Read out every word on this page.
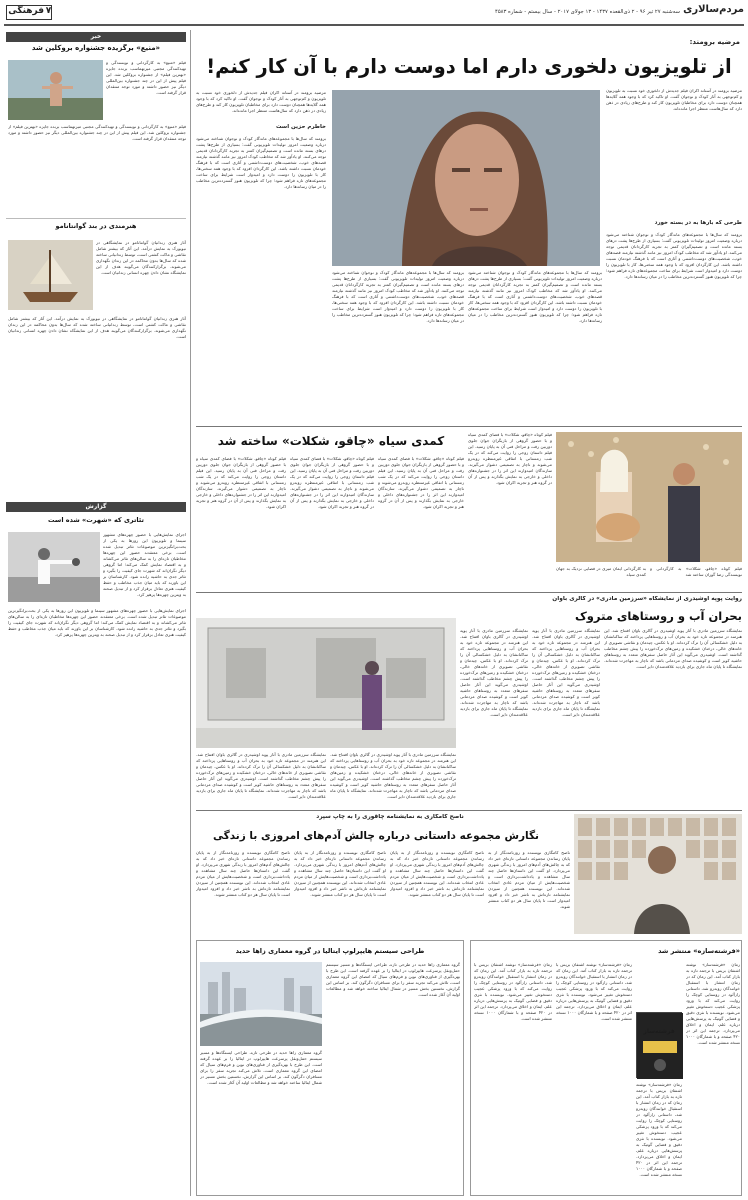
فرهنگی ۷	سه‌شنبه ۲۷ تیر ۹۶ - ۲ ذی‌القعده ۱۴۳۷ - ۱۳ جولای ۲۰۱۷ - سال بیستم - شماره ۴۵۸۳ مردم‌سالاری
خبر
«منیع» برگزیده جشنواره بروکلین شد
فیلم «منیع» به کارگردانی و نویسندگی و تهیه‌کنندگی مجتبی میرتهماسب برنده جایزه «بهترین فیلم» از جشنواره بروکلین شد. این فیلم پیش از این در چند جشنواره بین‌المللی دیگر نیز حضور داشته و مورد توجه منتقدان قرار گرفته است.
فیلم «منیع» به کارگردانی و نویسندگی و تهیه‌کنندگی مجتبی میرتهماسب برنده جایزه «بهترین فیلم» از جشنواره بروکلین شد. این فیلم پیش از این در چند جشنواره بین‌المللی دیگر نیز حضور داشته و مورد توجه منتقدان قرار گرفته است.
هنرمندی در بند گوانتانامو
آثار هنری زندانیان گوانتانامو در نمایشگاهی در نیویورک به نمایش درآمد. این آثار که بیشتر شامل نقاشی و ماکت کشتی است، توسط زندانیانی ساخته شده که سال‌ها بدون محاکمه در این زندان نگهداری می‌شوند. برگزارکنندگان می‌گویند هدف از این نمایشگاه نشان دادن چهره انسانی زندانیان است.
آثار هنری زندانیان گوانتانامو در نمایشگاهی در نیویورک به نمایش درآمد. این آثار که بیشتر شامل نقاشی و ماکت کشتی است، توسط زندانیانی ساخته شده که سال‌ها بدون محاکمه در این زندان نگهداری می‌شوند. برگزارکنندگان می‌گویند هدف از این نمایشگاه نشان دادن چهره انسانی زندانیان است.
گزارش
تئاتری که «شهرت» شده است
اجرای نمایش‌هایی با حضور چهره‌های مشهور سینما و تلویزیون این روزها به یکی از بحث‌برانگیزترین موضوعات تئاتر تبدیل شده است. برخی معتقدند حضور این چهره‌ها مخاطبان تازه‌ای را به سالن‌های تئاتر می‌کشاند و به اقتصاد نمایش کمک می‌کند؛ اما گروهی دیگر نگران‌اند که شهرت جای کیفیت را بگیرد و تئاتر جدی به حاشیه رانده شود. کارشناسان بر این باورند که باید میان جذب مخاطب و حفظ کیفیت هنری تعادل برقرار کرد و از تبدیل صحنه به ویترین چهره‌ها پرهیز کرد.
اجرای نمایش‌هایی با حضور چهره‌های مشهور سینما و تلویزیون این روزها به یکی از بحث‌برانگیزترین موضوعات تئاتر تبدیل شده است. برخی معتقدند حضور این چهره‌ها مخاطبان تازه‌ای را به سالن‌های تئاتر می‌کشاند و به اقتصاد نمایش کمک می‌کند؛ اما گروهی دیگر نگران‌اند که شهرت جای کیفیت را بگیرد و تئاتر جدی به حاشیه رانده شود. کارشناسان بر این باورند که باید میان جذب مخاطب و حفظ کیفیت هنری تعادل برقرار کرد و از تبدیل صحنه به ویترین چهره‌ها پرهیز کرد.
مرضیه برومند:
از تلویزیون دلخوری دارم اما دوست دارم با آن کار کنم!
مرضیه برومند در آستانه اکران فیلم جدیدش از دلخوری خود نسبت به تلویزیون و کم‌توجهی به آثار کودک و نوجوان گفت. او تاکید کرد که با وجود همه گلایه‌ها همچنان دوست دارد برای مخاطبان تلویزیون کار کند و طرح‌های زیادی در ذهن دارد که سال‌هاست منتظر اجرا مانده‌اند.
طرحی که بارها به در بسته خورد
برومند که سال‌ها با مجموعه‌های ماندگار کودک و نوجوان شناخته می‌شود درباره وضعیت امروز تولیدات تلویزیونی گفت: بسیاری از طرح‌ها پشت درهای بسته مانده است و تصمیم‌گیران کمتر به تجربه کارگردانان قدیمی توجه می‌کنند. او یادآور شد که مخاطب کودک امروز نیز مانند گذشته نیازمند قصه‌های خوب، شخصیت‌های دوست‌داشتنی و آثاری است که با فرهنگ خودمان نسبت داشته باشد. این کارگردان افزود که با وجود همه سختی‌ها، کار با تلویزیون را دوست دارد و امیدوار است شرایط برای ساخت مجموعه‌های تازه فراهم شود؛ چرا که تلویزیون هنوز گسترده‌ترین مخاطب را در میان رسانه‌ها دارد.
خاطرم حزین است
مرضیه برومند در آستانه اکران فیلم جدیدش از دلخوری خود نسبت به تلویزیون و کم‌توجهی به آثار کودک و نوجوان گفت. او تاکید کرد که با وجود همه گلایه‌ها همچنان دوست دارد برای مخاطبان تلویزیون کار کند و طرح‌های زیادی در ذهن دارد که سال‌هاست منتظر اجرا مانده‌اند.
برومند که سال‌ها با مجموعه‌های ماندگار کودک و نوجوان شناخته می‌شود درباره وضعیت امروز تولیدات تلویزیونی گفت: بسیاری از طرح‌ها پشت درهای بسته مانده است و تصمیم‌گیران کمتر به تجربه کارگردانان قدیمی توجه می‌کنند. او یادآور شد که مخاطب کودک امروز نیز مانند گذشته نیازمند قصه‌های خوب، شخصیت‌های دوست‌داشتنی و آثاری است که با فرهنگ خودمان نسبت داشته باشد. این کارگردان افزود که با وجود همه سختی‌ها، کار با تلویزیون را دوست دارد و امیدوار است شرایط برای ساخت مجموعه‌های تازه فراهم شود؛ چرا که تلویزیون هنوز گسترده‌ترین مخاطب را در میان رسانه‌ها دارد.
برومند که سال‌ها با مجموعه‌های ماندگار کودک و نوجوان شناخته می‌شود درباره وضعیت امروز تولیدات تلویزیونی گفت: بسیاری از طرح‌ها پشت درهای بسته مانده است و تصمیم‌گیران کمتر به تجربه کارگردانان قدیمی توجه می‌کنند. او یادآور شد که مخاطب کودک امروز نیز مانند گذشته نیازمند قصه‌های خوب، شخصیت‌های دوست‌داشتنی و آثاری است که با فرهنگ خودمان نسبت داشته باشد. این کارگردان افزود که با وجود همه سختی‌ها، کار با تلویزیون را دوست دارد و امیدوار است شرایط برای ساخت مجموعه‌های تازه فراهم شود؛ چرا که تلویزیون هنوز گسترده‌ترین مخاطب را در میان رسانه‌ها دارد.
برومند که سال‌ها با مجموعه‌های ماندگار کودک و نوجوان شناخته می‌شود درباره وضعیت امروز تولیدات تلویزیونی گفت: بسیاری از طرح‌ها پشت درهای بسته مانده است و تصمیم‌گیران کمتر به تجربه کارگردانان قدیمی توجه می‌کنند. او یادآور شد که مخاطب کودک امروز نیز مانند گذشته نیازمند قصه‌های خوب، شخصیت‌های دوست‌داشتنی و آثاری است که با فرهنگ خودمان نسبت داشته باشد. این کارگردان افزود که با وجود همه سختی‌ها، کار با تلویزیون را دوست دارد و امیدوار است شرایط برای ساخت مجموعه‌های تازه فراهم شود؛ چرا که تلویزیون هنوز گسترده‌ترین مخاطب را در میان رسانه‌ها دارد.
کمدی سیاه «چاقو، شکلات» ساخته شد
فیلم کوتاه «چاقو، شکلات» به کارگردانی و نویسندگی رضا گوران ساخته شد
به کارگردانی ایمان میری در فضایی نزدیک به جهان کمدی سیاه
فیلم کوتاه «چاقو، شکلات» با فضای کمدی سیاه و با حضور گروهی از بازیگران جوان جلوی دوربین رفت و مراحل فنی آن به پایان رسید. این فیلم داستان زوجی را روایت می‌کند که در یک شب زمستانی با اتفاقی غیرمنتظره روبه‌رو می‌شوند و ناچار به تصمیمی دشوار می‌گیرند. سازندگان امیدوارند این اثر را در جشنواره‌های داخلی و خارجی به نمایش بگذارند و پس از آن در گروه هنر و تجربه اکران شود.
فیلم کوتاه «چاقو، شکلات» با فضای کمدی سیاه و با حضور گروهی از بازیگران جوان جلوی دوربین رفت و مراحل فنی آن به پایان رسید. این فیلم داستان زوجی را روایت می‌کند که در یک شب زمستانی با اتفاقی غیرمنتظره روبه‌رو می‌شوند و ناچار به تصمیمی دشوار می‌گیرند. سازندگان امیدوارند این اثر را در جشنواره‌های داخلی و خارجی به نمایش بگذارند و پس از آن در گروه هنر و تجربه اکران شود.
فیلم کوتاه «چاقو، شکلات» با فضای کمدی سیاه و با حضور گروهی از بازیگران جوان جلوی دوربین رفت و مراحل فنی آن به پایان رسید. این فیلم داستان زوجی را روایت می‌کند که در یک شب زمستانی با اتفاقی غیرمنتظره روبه‌رو می‌شوند و ناچار به تصمیمی دشوار می‌گیرند. سازندگان امیدوارند این اثر را در جشنواره‌های داخلی و خارجی به نمایش بگذارند و پس از آن در گروه هنر و تجربه اکران شود.
فیلم کوتاه «چاقو، شکلات» با فضای کمدی سیاه و با حضور گروهی از بازیگران جوان جلوی دوربین رفت و مراحل فنی آن به پایان رسید. این فیلم داستان زوجی را روایت می‌کند که در یک شب زمستانی با اتفاقی غیرمنتظره روبه‌رو می‌شوند و ناچار به تصمیمی دشوار می‌گیرند. سازندگان امیدوارند این اثر را در جشنواره‌های داخلی و خارجی به نمایش بگذارند و پس از آن در گروه هنر و تجربه اکران شود.
روایت پوپه اوشیدری از نمایشگاه «سرزمین مادری» در گالری باوان
بحران آب و روستاهای متروک
نمایشگاه سرزمین مادری با آثار پوپه اوشیدری در گالری باوان افتتاح شد. این هنرمند در مجموعه تازه خود به بحران آب و روستاهایی پرداخته که ساکنانشان به دلیل خشکسالی آن را ترک کرده‌اند. او با عکس، چیدمان و نقاشی تصویری از خانه‌های خالی، درختان خشکیده و زمین‌های ترک‌خورده را پیش چشم مخاطب گذاشته است. اوشیدری می‌گوید این آثار حاصل سفرهای متعدد به روستاهای حاشیه کویر است و کوشیده صدای مردمانی باشد که ناچار به مهاجرت شده‌اند. نمایشگاه تا پایان ماه جاری برای بازدید علاقه‌مندان دایر است.
نمایشگاه سرزمین مادری با آثار پوپه اوشیدری در گالری باوان افتتاح شد. این هنرمند در مجموعه تازه خود به بحران آب و روستاهایی پرداخته که ساکنانشان به دلیل خشکسالی آن را ترک کرده‌اند. او با عکس، چیدمان و نقاشی تصویری از خانه‌های خالی، درختان خشکیده و زمین‌های ترک‌خورده را پیش چشم مخاطب گذاشته است. اوشیدری می‌گوید این آثار حاصل سفرهای متعدد به روستاهای حاشیه کویر است و کوشیده صدای مردمانی باشد که ناچار به مهاجرت شده‌اند. نمایشگاه تا پایان ماه جاری برای بازدید علاقه‌مندان دایر است.
نمایشگاه سرزمین مادری با آثار پوپه اوشیدری در گالری باوان افتتاح شد. این هنرمند در مجموعه تازه خود به بحران آب و روستاهایی پرداخته که ساکنانشان به دلیل خشکسالی آن را ترک کرده‌اند. او با عکس، چیدمان و نقاشی تصویری از خانه‌های خالی، درختان خشکیده و زمین‌های ترک‌خورده را پیش چشم مخاطب گذاشته است. اوشیدری می‌گوید این آثار حاصل سفرهای متعدد به روستاهای حاشیه کویر است و کوشیده صدای مردمانی باشد که ناچار به مهاجرت شده‌اند. نمایشگاه تا پایان ماه جاری برای بازدید علاقه‌مندان دایر است.
نمایشگاه سرزمین مادری با آثار پوپه اوشیدری در گالری باوان افتتاح شد. این هنرمند در مجموعه تازه خود به بحران آب و روستاهایی پرداخته که ساکنانشان به دلیل خشکسالی آن را ترک کرده‌اند. او با عکس، چیدمان و نقاشی تصویری از خانه‌های خالی، درختان خشکیده و زمین‌های ترک‌خورده را پیش چشم مخاطب گذاشته است. اوشیدری می‌گوید این آثار حاصل سفرهای متعدد به روستاهای حاشیه کویر است و کوشیده صدای مردمانی باشد که ناچار به مهاجرت شده‌اند. نمایشگاه تا پایان ماه جاری برای بازدید علاقه‌مندان دایر است.
نمایشگاه سرزمین مادری با آثار پوپه اوشیدری در گالری باوان افتتاح شد. این هنرمند در مجموعه تازه خود به بحران آب و روستاهایی پرداخته که ساکنانشان به دلیل خشکسالی آن را ترک کرده‌اند. او با عکس، چیدمان و نقاشی تصویری از خانه‌های خالی، درختان خشکیده و زمین‌های ترک‌خورده را پیش چشم مخاطب گذاشته است. اوشیدری می‌گوید این آثار حاصل سفرهای متعدد به روستاهای حاشیه کویر است و کوشیده صدای مردمانی باشد که ناچار به مهاجرت شده‌اند. نمایشگاه تا پایان ماه جاری برای بازدید علاقه‌مندان دایر است.
ناصح کامگاری به نمایشنامه چاقوری را به چاپ سپرد
نگارش مجموعه داستانی درباره چالش آدم‌های امروزی با زندگی
ناصح کامگاری نویسنده و روزنامه‌نگار از به پایان رساندن مجموعه داستانی تازه‌ای خبر داد که به چالش‌های آدم‌های امروز با زندگی شهری می‌پردازد. او گفت این داستان‌ها حاصل چند سال مشاهده و یادداشت‌برداری است و شخصیت‌هایش از میان مردم عادی انتخاب شده‌اند. این نویسنده همچنین از سپردن نمایشنامه تازه‌اش به ناشر خبر داد و افزود امیدوار است تا پایان سال هر دو کتاب منتشر شوند.
ناصح کامگاری نویسنده و روزنامه‌نگار از به پایان رساندن مجموعه داستانی تازه‌ای خبر داد که به چالش‌های آدم‌های امروز با زندگی شهری می‌پردازد. او گفت این داستان‌ها حاصل چند سال مشاهده و یادداشت‌برداری است و شخصیت‌هایش از میان مردم عادی انتخاب شده‌اند. این نویسنده همچنین از سپردن نمایشنامه تازه‌اش به ناشر خبر داد و افزود امیدوار است تا پایان سال هر دو کتاب منتشر شوند.
ناصح کامگاری نویسنده و روزنامه‌نگار از به پایان رساندن مجموعه داستانی تازه‌ای خبر داد که به چالش‌های آدم‌های امروز با زندگی شهری می‌پردازد. او گفت این داستان‌ها حاصل چند سال مشاهده و یادداشت‌برداری است و شخصیت‌هایش از میان مردم عادی انتخاب شده‌اند. این نویسنده همچنین از سپردن نمایشنامه تازه‌اش به ناشر خبر داد و افزود امیدوار است تا پایان سال هر دو کتاب منتشر شوند.
ناصح کامگاری نویسنده و روزنامه‌نگار از به پایان رساندن مجموعه داستانی تازه‌ای خبر داد که به چالش‌های آدم‌های امروز با زندگی شهری می‌پردازد. او گفت این داستان‌ها حاصل چند سال مشاهده و یادداشت‌برداری است و شخصیت‌هایش از میان مردم عادی انتخاب شده‌اند. این نویسنده همچنین از سپردن نمایشنامه تازه‌اش به ناشر خبر داد و افزود امیدوار است تا پایان سال هر دو کتاب منتشر شوند.
طراحی سیستم هایپرلوپ ایتالیا در گروه معماری زاها حدید
گروه معماری زاها حدید در طرحی تازه، طراحی ایستگاه‌ها و مسیر سیستم حمل‌ونقل پرسرعت هایپرلوپ در ایتالیا را بر عهده گرفته است. این طرح با بهره‌گیری از فناوری‌های نوین و فرم‌های سیال که امضای این گروه معماری است، تلاش می‌کند تجربه سفر را برای مسافران دگرگون کند. بر اساس این گزارش، نخستین بخش مسیر در شمال ایتالیا ساخته خواهد شد و مطالعات اولیه آن آغاز شده است.
گروه معماری زاها حدید در طرحی تازه، طراحی ایستگاه‌ها و مسیر سیستم حمل‌ونقل پرسرعت هایپرلوپ در ایتالیا را بر عهده گرفته است. این طرح با بهره‌گیری از فناوری‌های نوین و فرم‌های سیال که امضای این گروه معماری است، تلاش می‌کند تجربه سفر را برای مسافران دگرگون کند. بر اساس این گزارش، نخستین بخش مسیر در شمال ایتالیا ساخته خواهد شد و مطالعات اولیه آن آغاز شده است.
«فرشته‌سازه» منتشر شد
فرشته‌ساز
رمان «فرشته‌ساز» نوشته اشتفان بریس با ترجمه تازه به بازار کتاب آمد. این رمان که در زمان انتشار با استقبال خوانندگان روبه‌رو شد، داستانی رازآلود در روستایی کوچک را روایت می‌کند که با ورود پزشکی عجیب دستخوش تغییر می‌شود. نویسنده با نثری دقیق و فضایی گوتیک به پرسش‌هایی درباره علم، ایمان و اخلاق می‌پردازد. ترجمه این اثر در ۴۲۰ صفحه و با شمارگان ۱۰۰۰ نسخه منتشر شده است.
رمان «فرشته‌ساز» نوشته اشتفان بریس با ترجمه تازه به بازار کتاب آمد. این رمان که در زمان انتشار با استقبال خوانندگان روبه‌رو شد، داستانی رازآلود در روستایی کوچک را روایت می‌کند که با ورود پزشکی عجیب دستخوش تغییر می‌شود. نویسنده با نثری دقیق و فضایی گوتیک به پرسش‌هایی درباره علم، ایمان و اخلاق می‌پردازد. ترجمه این اثر در ۴۲۰ صفحه و با شمارگان ۱۰۰۰ نسخه منتشر شده است.
رمان «فرشته‌ساز» نوشته اشتفان بریس با ترجمه تازه به بازار کتاب آمد. این رمان که در زمان انتشار با استقبال خوانندگان روبه‌رو شد، داستانی رازآلود در روستایی کوچک را روایت می‌کند که با ورود پزشکی عجیب دستخوش تغییر می‌شود. نویسنده با نثری دقیق و فضایی گوتیک به پرسش‌هایی درباره علم، ایمان و اخلاق می‌پردازد. ترجمه این اثر در ۴۲۰ صفحه و با شمارگان ۱۰۰۰ نسخه منتشر شده است.
رمان «فرشته‌ساز» نوشته اشتفان بریس با ترجمه تازه به بازار کتاب آمد. این رمان که در زمان انتشار با استقبال خوانندگان روبه‌رو شد، داستانی رازآلود در روستایی کوچک را روایت می‌کند که با ورود پزشکی عجیب دستخوش تغییر می‌شود. نویسنده با نثری دقیق و فضایی گوتیک به پرسش‌هایی درباره علم، ایمان و اخلاق می‌پردازد. ترجمه این اثر در ۴۲۰ صفحه و با شمارگان ۱۰۰۰ نسخه منتشر شده است.
